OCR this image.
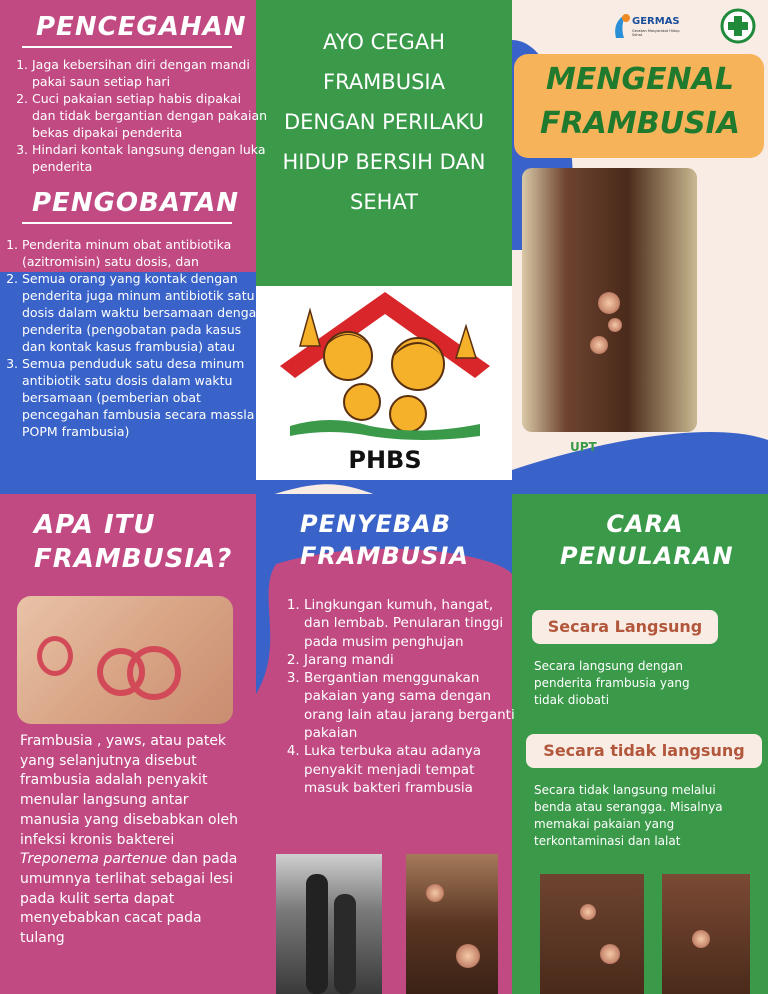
PENCEGAHAN
1. Jaga kebersihan diri dengan mandi pakai saun setiap hari
2. Cuci pakaian setiap habis dipakai dan tidak bergantian dengan pakaian bekas dipakai penderita
3. Hindari kontak langsung dengan luka penderita
PENGOBATAN
1. Penderita minum obat antibiotika (azitromisin) satu dosis, dan
2. Semua orang yang kontak dengan penderita juga minum antibiotik satu dosis dalam waktu bersamaan dengan penderita (pengobatan pada kasus dan kontak kasus frambusia) atau
3. Semua penduduk satu desa minum antibiotik satu dosis dalam waktu bersamaan (pemberian obat pencegahan fambusia secara massla / POPM frambusia)
AYO CEGAH FRAMBUSIA DENGAN PERILAKU HIDUP BERSIH DAN SEHAT
PHBS
GERMAS
Gerakan Masyarakat Hidup Sehat
MENGENAL FRAMBUSIA
UPT
APA ITU FRAMBUSIA?
Frambusia , yaws, atau patek yang selanjutnya disebut frambusia adalah penyakit menular langsung antar manusia yang disebabkan oleh infeksi kronis bakterei Treponema partenue dan pada umumnya terlihat sebagai lesi pada kulit serta dapat menyebabkan cacat pada tulang
PENYEBAB FRAMBUSIA
1. Lingkungan kumuh, hangat, dan lembab. Penularan tinggi pada musim penghujan
2. Jarang mandi
3. Bergantian menggunakan pakaian yang sama dengan orang lain atau jarang berganti pakaian
4. Luka terbuka atau adanya penyakit menjadi tempat masuk bakteri frambusia
CARA PENULARAN
Secara Langsung
Secara langsung dengan penderita frambusia yang tidak diobati
Secara tidak langsung
Secara tidak langsung melalui benda atau serangga. Misalnya memakai pakaian yang terkontaminasi dan lalat
